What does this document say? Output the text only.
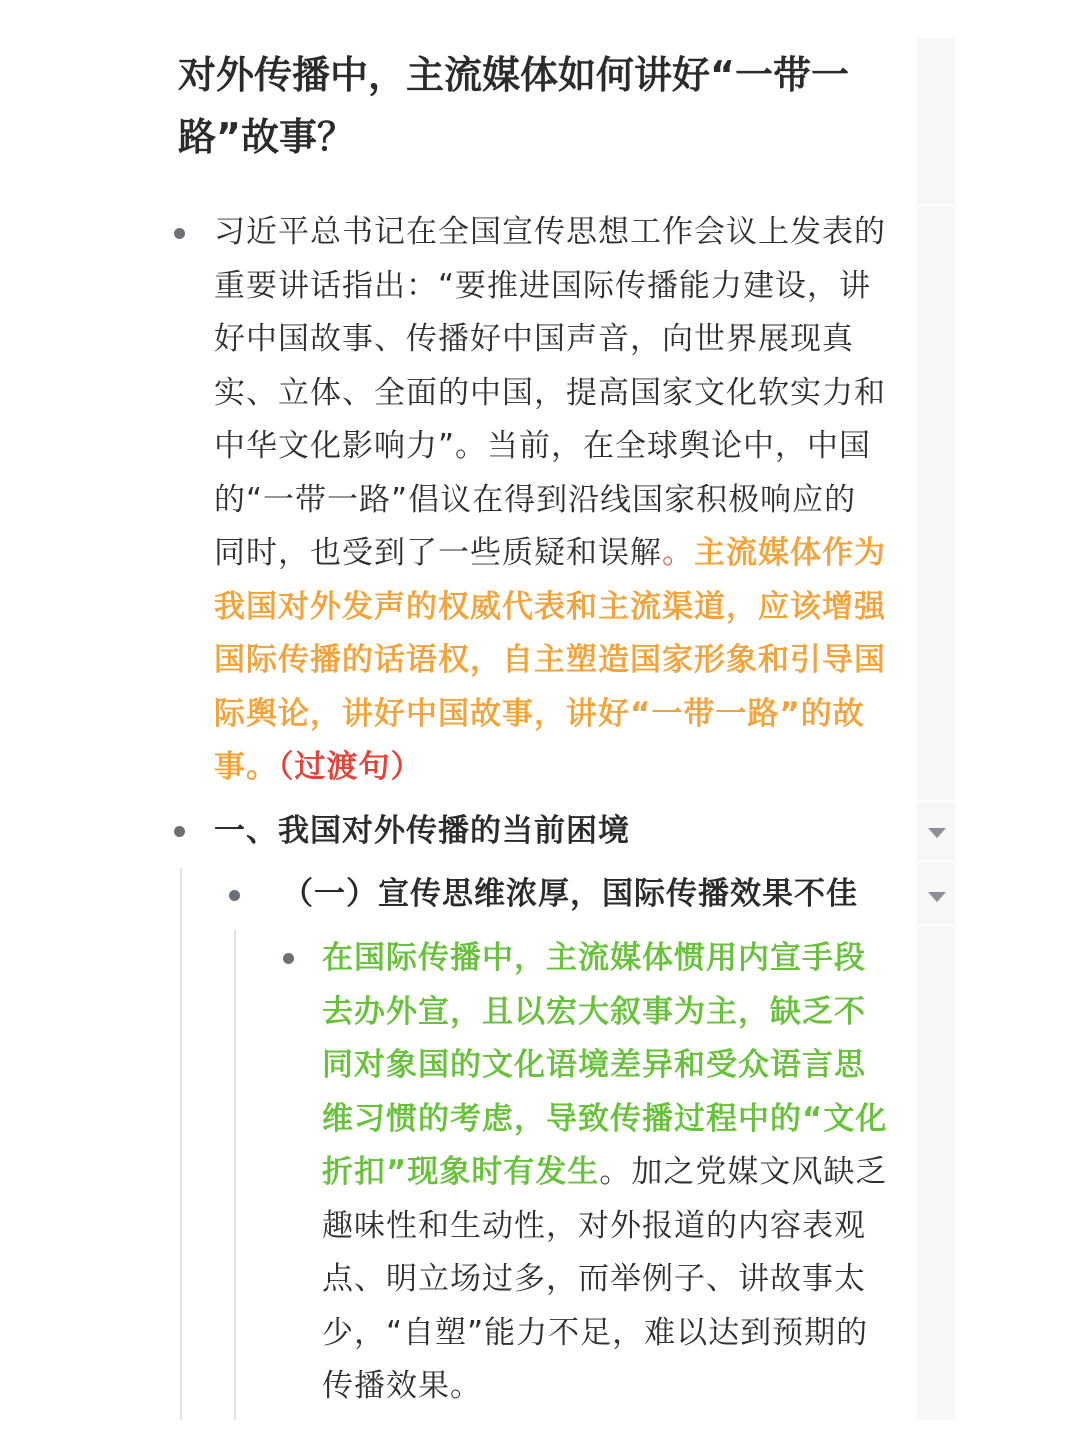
对外传播中，主流媒体如何讲好“一带一路”故事？

习近平总书记在全国宣传思想工作会议上发表的重要讲话指出：“要推进国际传播能力建设，讲好中国故事、传播好中国声音，向世界展现真实、立体、全面的中国，提高国家文化软实力和中华文化影响力”。当前，在全球舆论中，中国的“一带一路”倡议在得到沿线国家积极响应的同时，也受到了一些质疑和误解。主流媒体作为我国对外发声的权威代表和主流渠道，应该增强国际传播的话语权，自主塑造国家形象和引导国际舆论，讲好中国故事，讲好“一带一路”的故事。（过渡句）

一、我国对外传播的当前困境
（一）宣传思维浓厚，国际传播效果不佳

在国际传播中，主流媒体惯用内宣手段去办外宣，且以宏大叙事为主，缺乏不同对象国的文化语境差异和受众语言思维习惯的考虑，导致传播过程中的“文化折扣”现象时有发生。加之党媒文风缺乏趣味性和生动性，对外报道的内容表观点、明立场过多，而举例子、讲故事太少，“自塑”能力不足，难以达到预期的传播效果。
